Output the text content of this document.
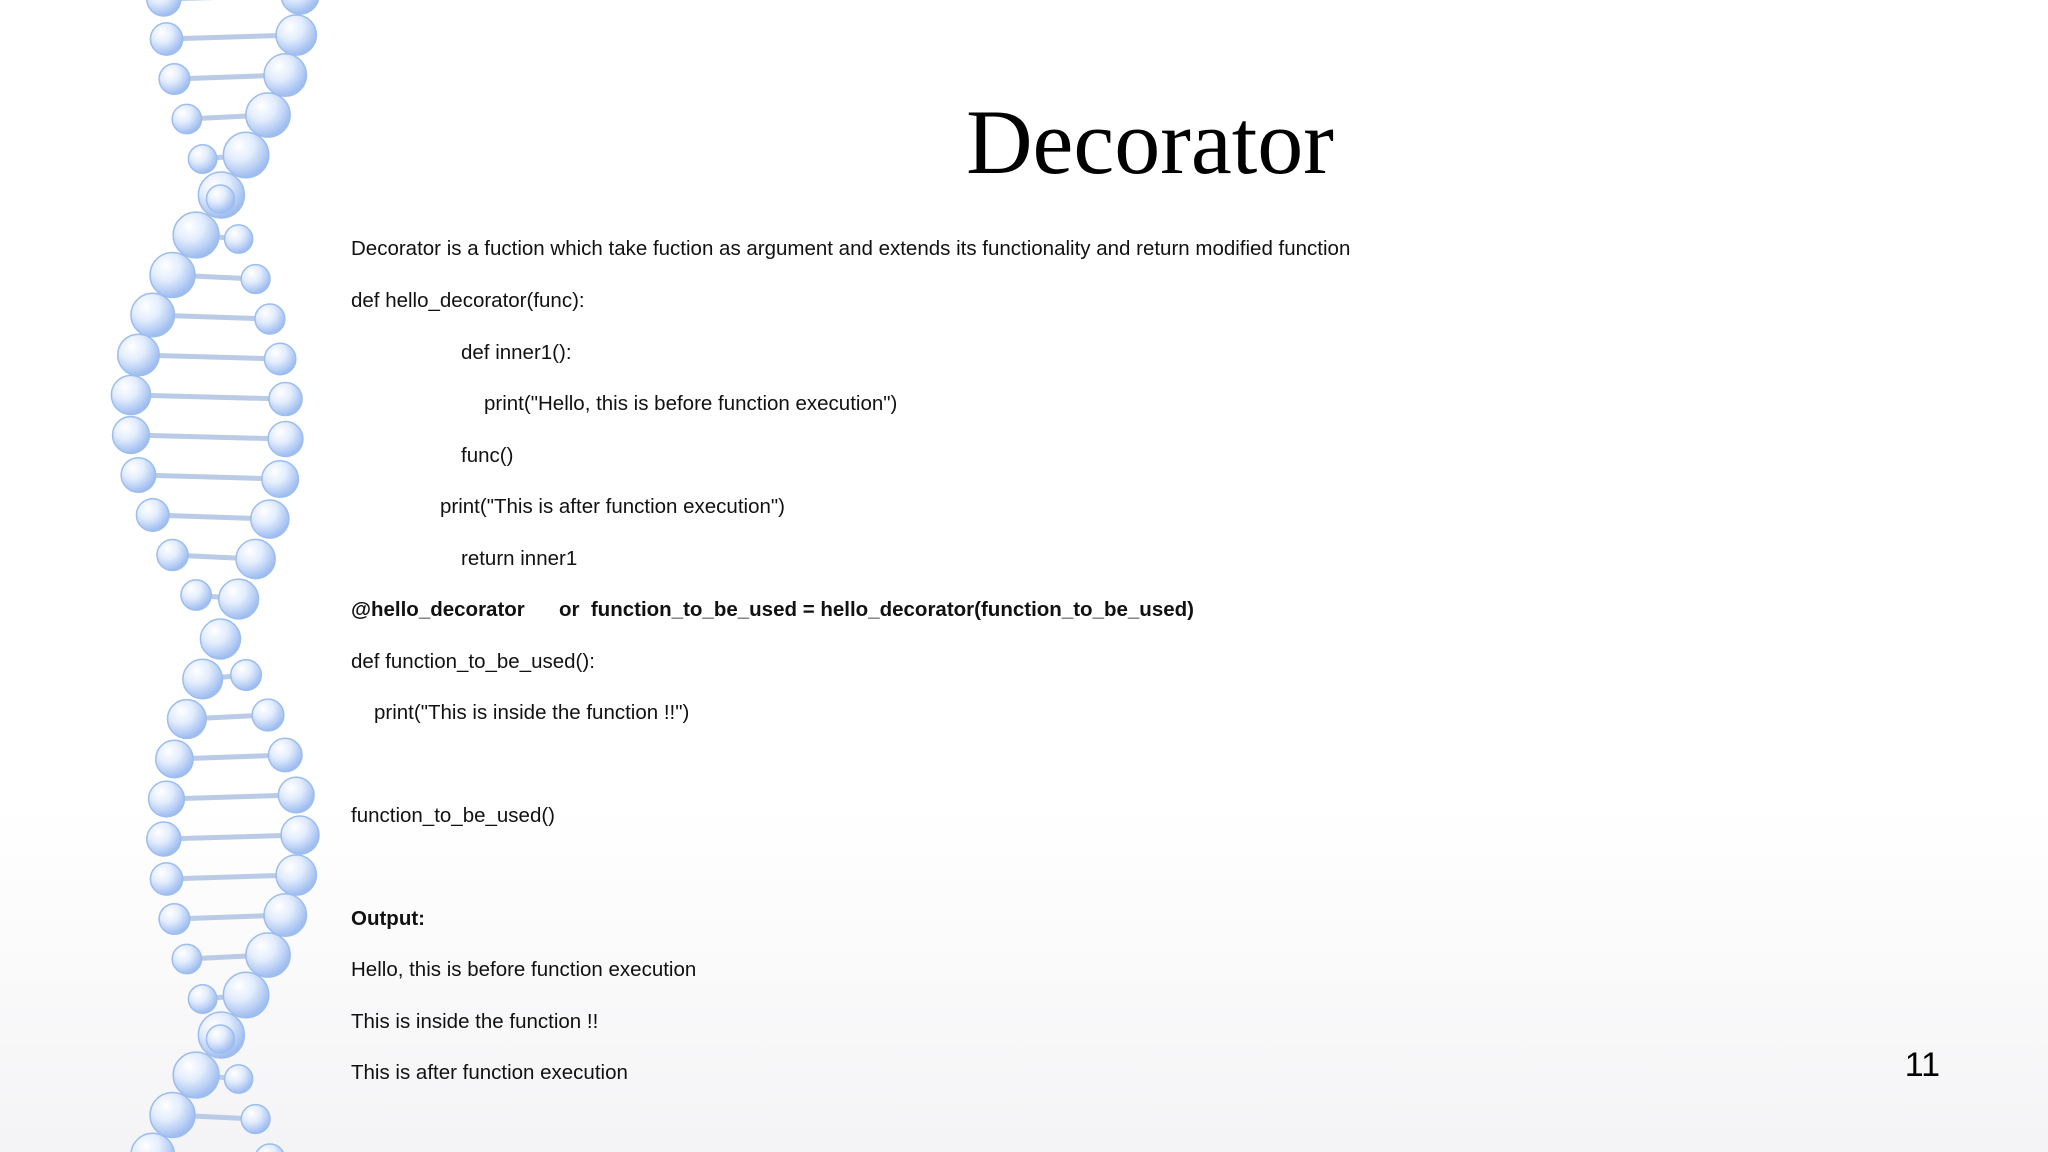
Decorator
Decorator is a fuction which take fuction as argument and extends its functionality and return modified function
def hello_decorator(func):
def inner1():
print("Hello, this is before function execution")
func()
print("This is after function execution")
return inner1
@hello_decorator      or  function_to_be_used = hello_decorator(function_to_be_used)
def function_to_be_used():
print("This is inside the function !!")
function_to_be_used()
Output:
Hello, this is before function execution
This is inside the function !!
This is after function execution	11
